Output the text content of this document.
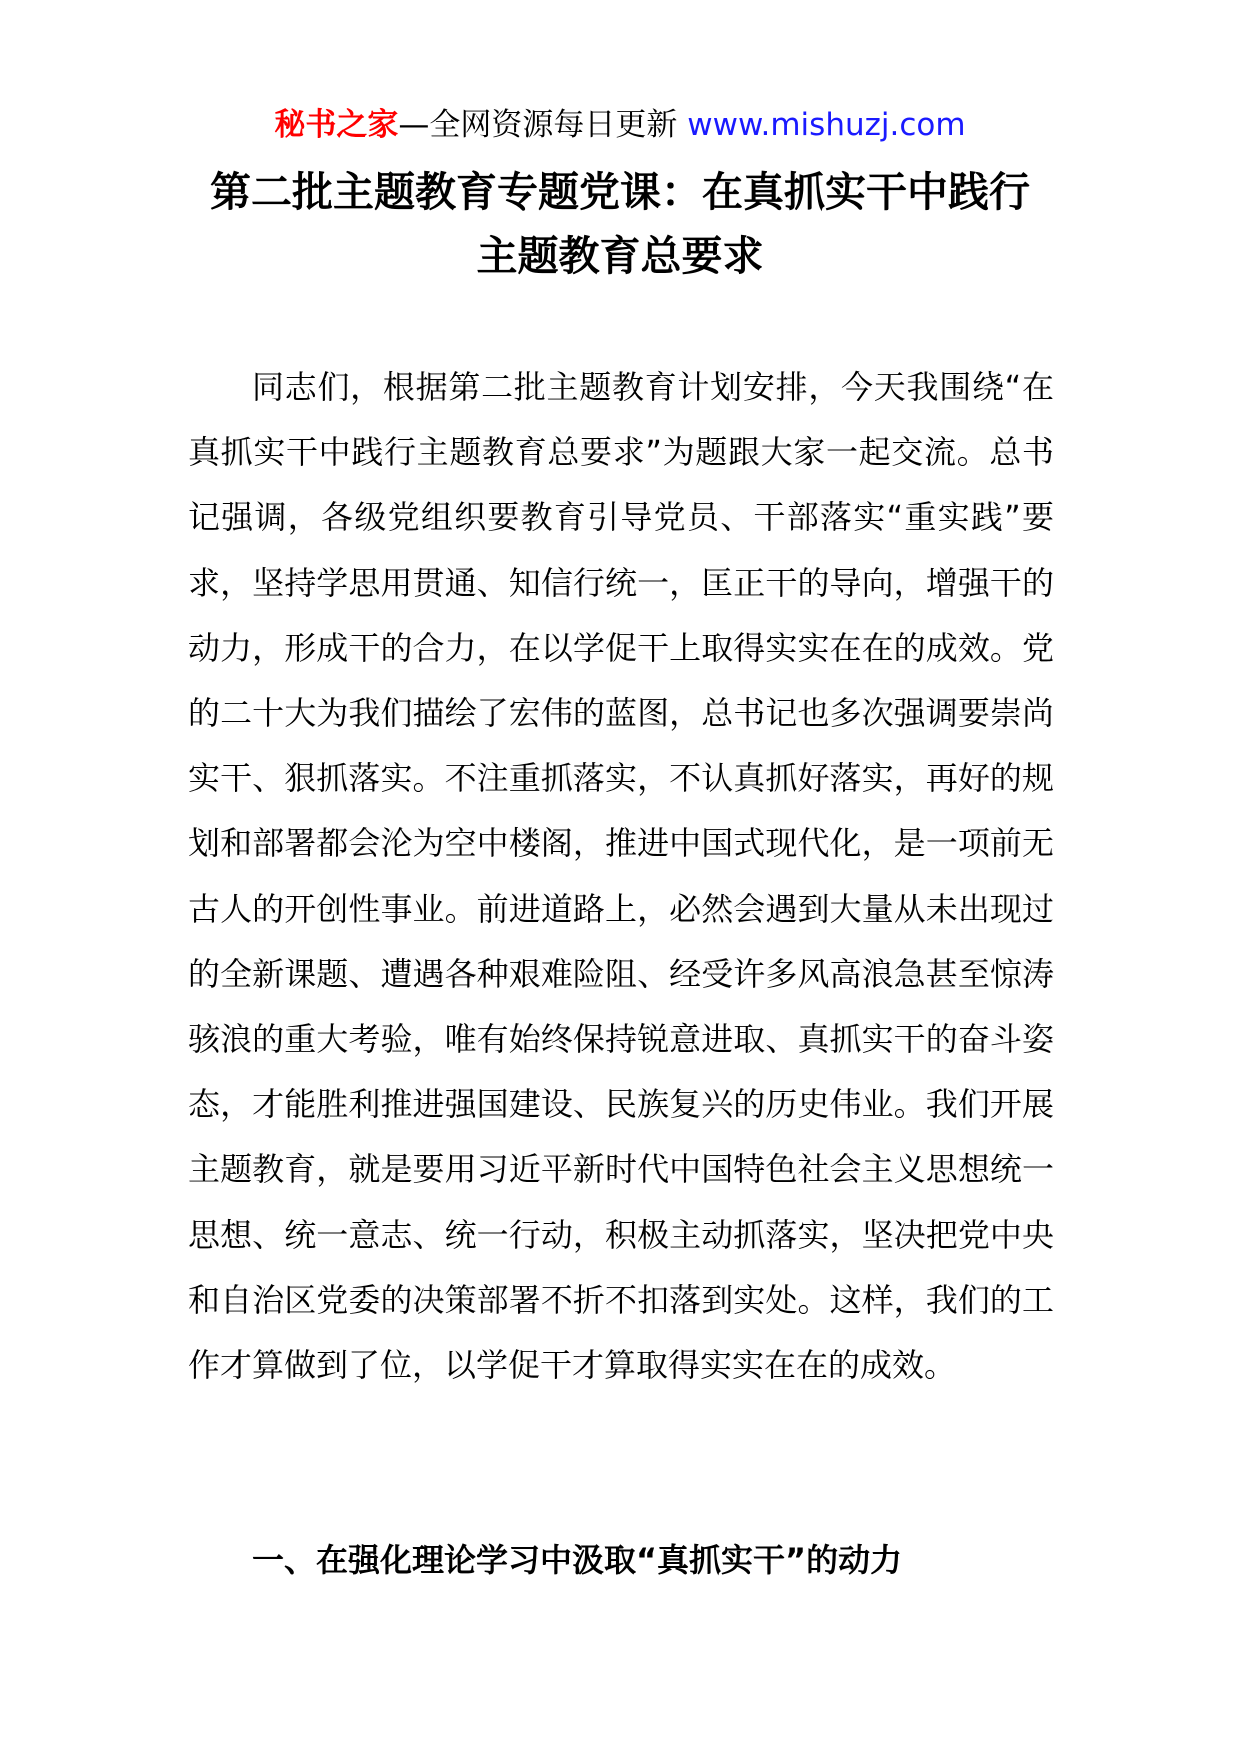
秘书之家—全网资源每日更新 www.mishuzj.com
第二批主题教育专题党课：在真抓实干中践行
主题教育总要求

同志们，根据第二批主题教育计划安排，今天我围绕“在真抓实干中践行主题教育总要求”为题跟大家一起交流。总书记强调，各级党组织要教育引导党员、干部落实“重实践”要求，坚持学思用贯通、知信行统一，匡正干的导向，增强干的动力，形成干的合力，在以学促干上取得实实在在的成效。党的二十大为我们描绘了宏伟的蓝图，总书记也多次强调要崇尚实干、狠抓落实。不注重抓落实，不认真抓好落实，再好的规划和部署都会沦为空中楼阁，推进中国式现代化，是一项前无古人的开创性事业。前进道路上，必然会遇到大量从未出现过的全新课题、遭遇各种艰难险阻、经受许多风高浪急甚至惊涛骇浪的重大考验，唯有始终保持锐意进取、真抓实干的奋斗姿态，才能胜利推进强国建设、民族复兴的历史伟业。我们开展主题教育，就是要用习近平新时代中国特色社会主义思想统一思想、统一意志、统一行动，积极主动抓落实，坚决把党中央和自治区党委的决策部署不折不扣落到实处。这样，我们的工作才算做到了位，以学促干才算取得实实在在的成效。

一、在强化理论学习中汲取“真抓实干”的动力
